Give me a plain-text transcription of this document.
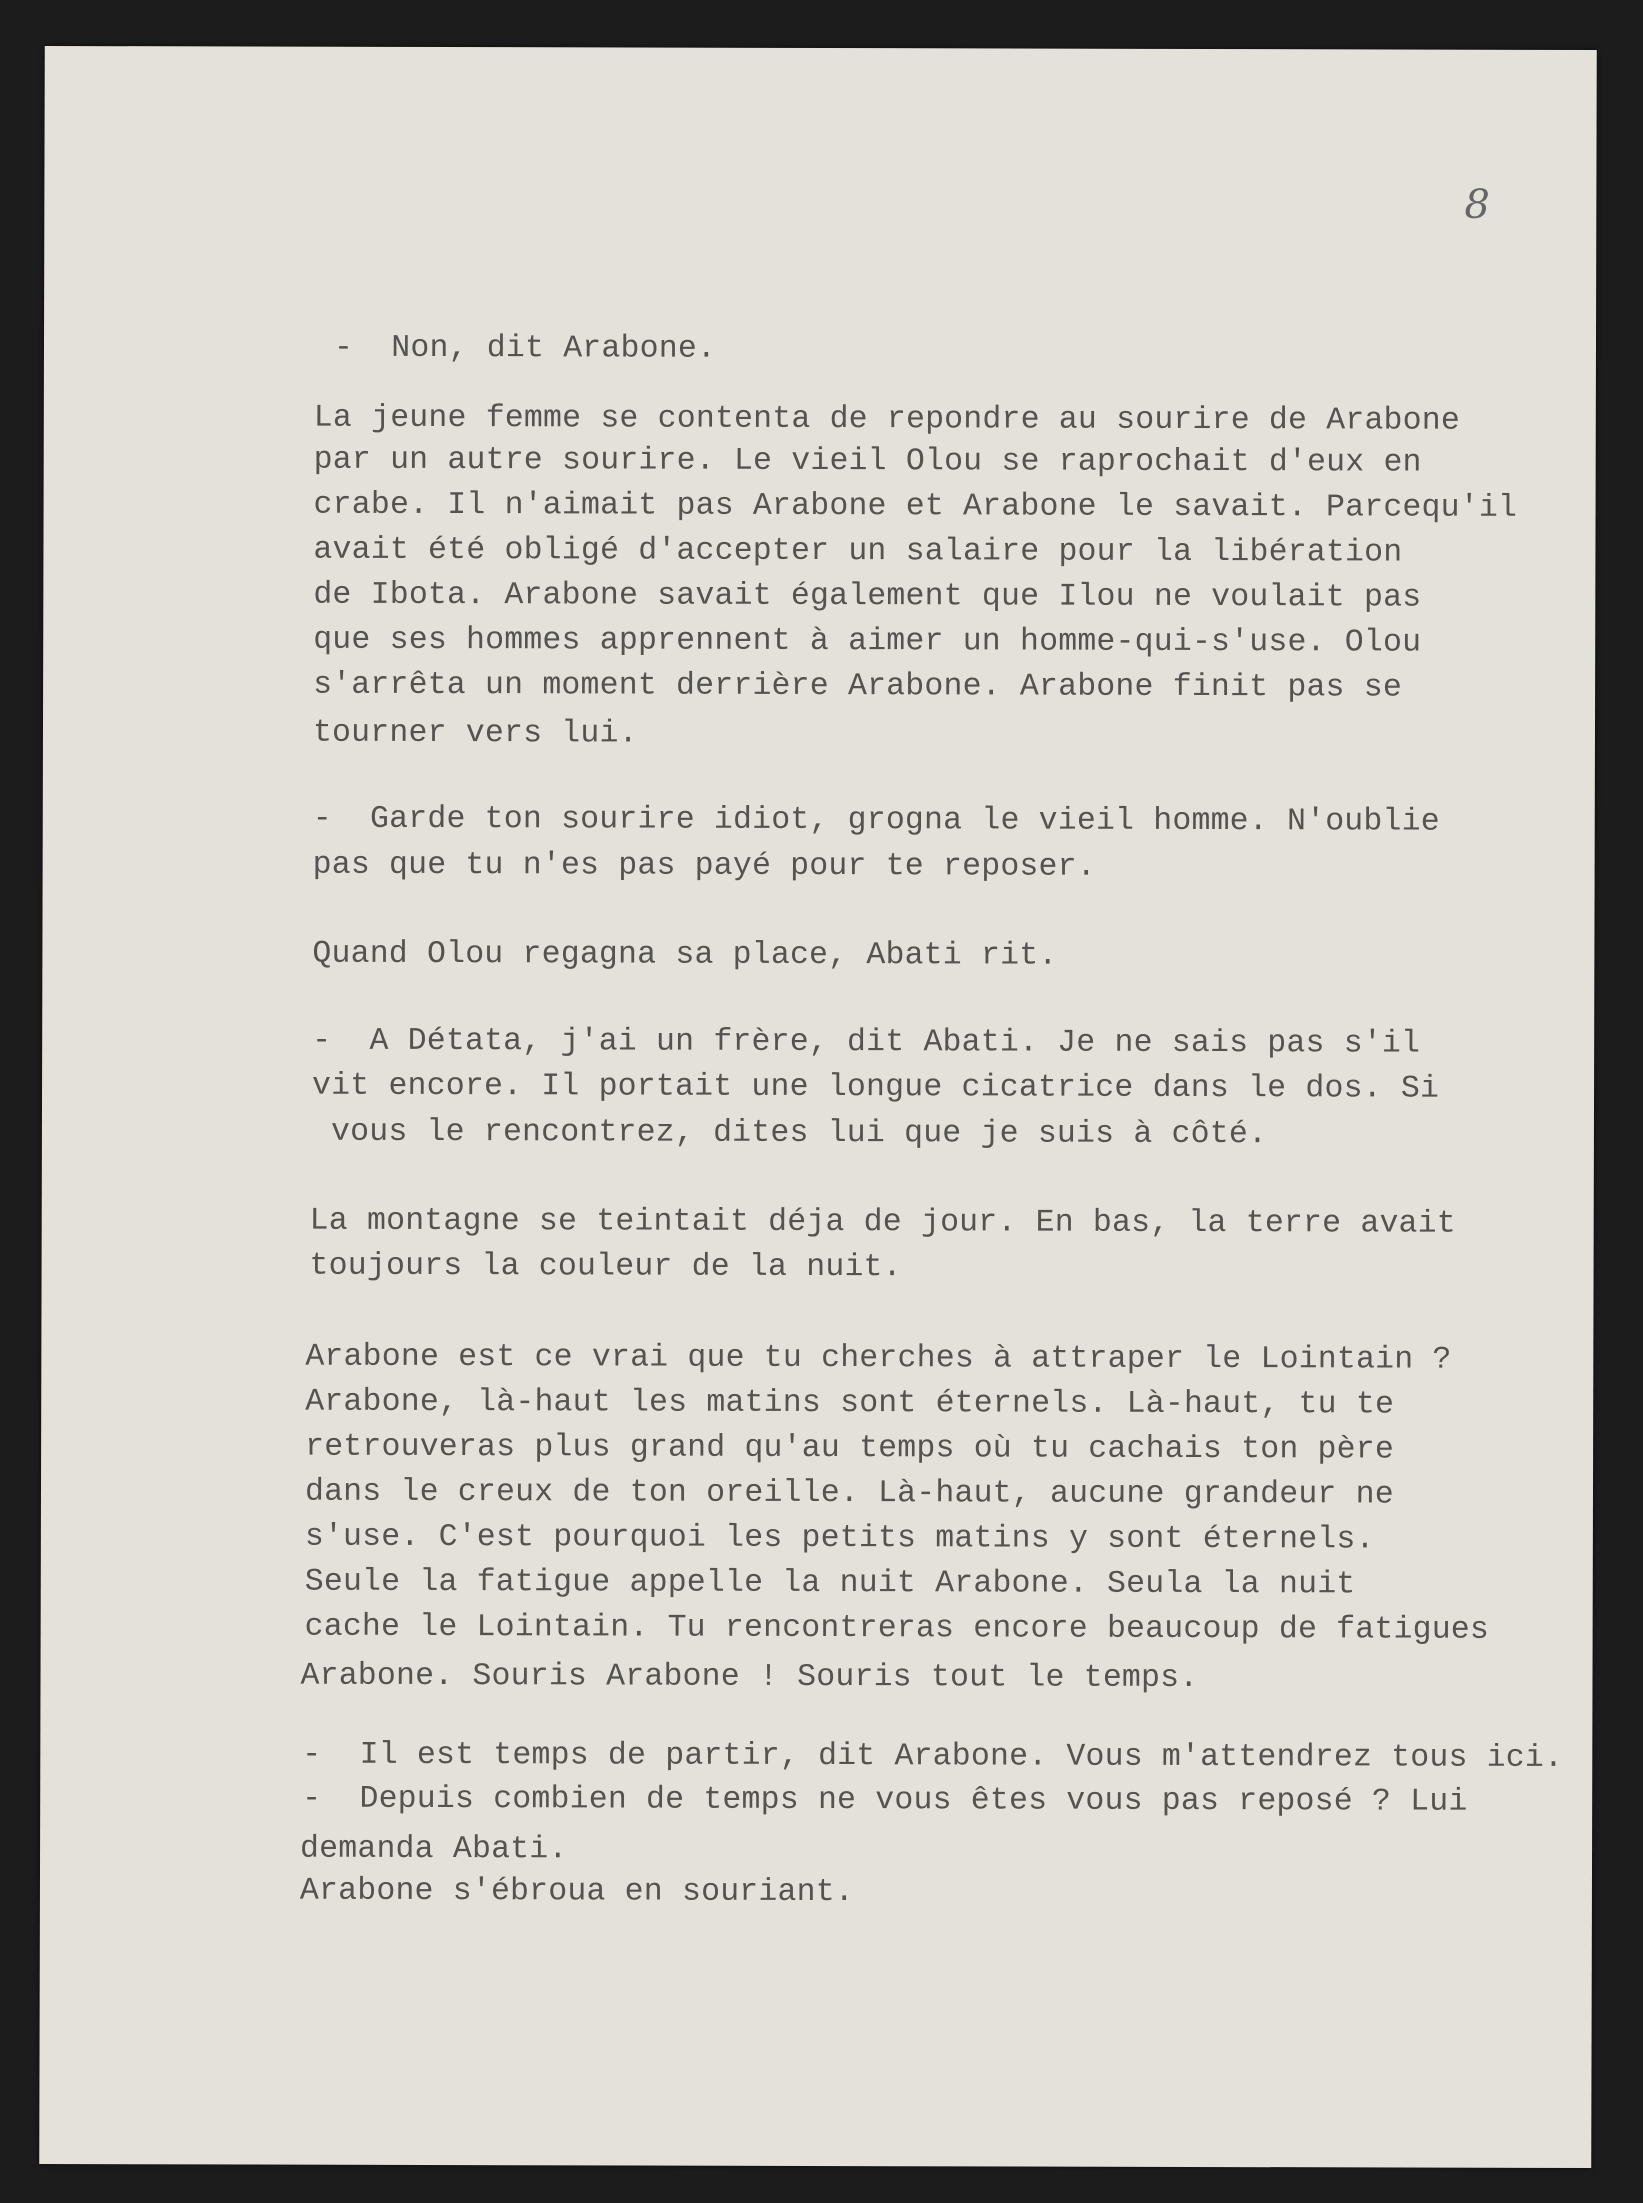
8
-  Non, dit Arabone.
La jeune femme se contenta de repondre au sourire de Arabone
par un autre sourire. Le vieil Olou se raprochait d'eux en
crabe. Il n'aimait pas Arabone et Arabone le savait. Parcequ'il
avait été obligé d'accepter un salaire pour la libération
de Ibota. Arabone savait également que Ilou ne voulait pas
que ses hommes apprennent à aimer un homme-qui-s'use. Olou
s'arrêta un moment derrière Arabone. Arabone finit pas se
tourner vers lui.
-  Garde ton sourire idiot, grogna le vieil homme. N'oublie
pas que tu n'es pas payé pour te reposer.
Quand Olou regagna sa place, Abati rit.
-  A Détata, j'ai un frère, dit Abati. Je ne sais pas s'il
vit encore. Il portait une longue cicatrice dans le dos. Si
vous le rencontrez, dites lui que je suis à côté.
La montagne se teintait déja de jour. En bas, la terre avait
toujours la couleur de la nuit.
Arabone est ce vrai que tu cherches à attraper le Lointain ?
Arabone, là-haut les matins sont éternels. Là-haut, tu te
retrouveras plus grand qu'au temps où tu cachais ton père
dans le creux de ton oreille. Là-haut, aucune grandeur ne
s'use. C'est pourquoi les petits matins y sont éternels.
Seule la fatigue appelle la nuit Arabone. Seula la nuit
cache le Lointain. Tu rencontreras encore beaucoup de fatigues
Arabone. Souris Arabone ! Souris tout le temps.
-  Il est temps de partir, dit Arabone. Vous m'attendrez tous ici.
-  Depuis combien de temps ne vous êtes vous pas reposé ? Lui
demanda Abati.
Arabone s'ébroua en souriant.
